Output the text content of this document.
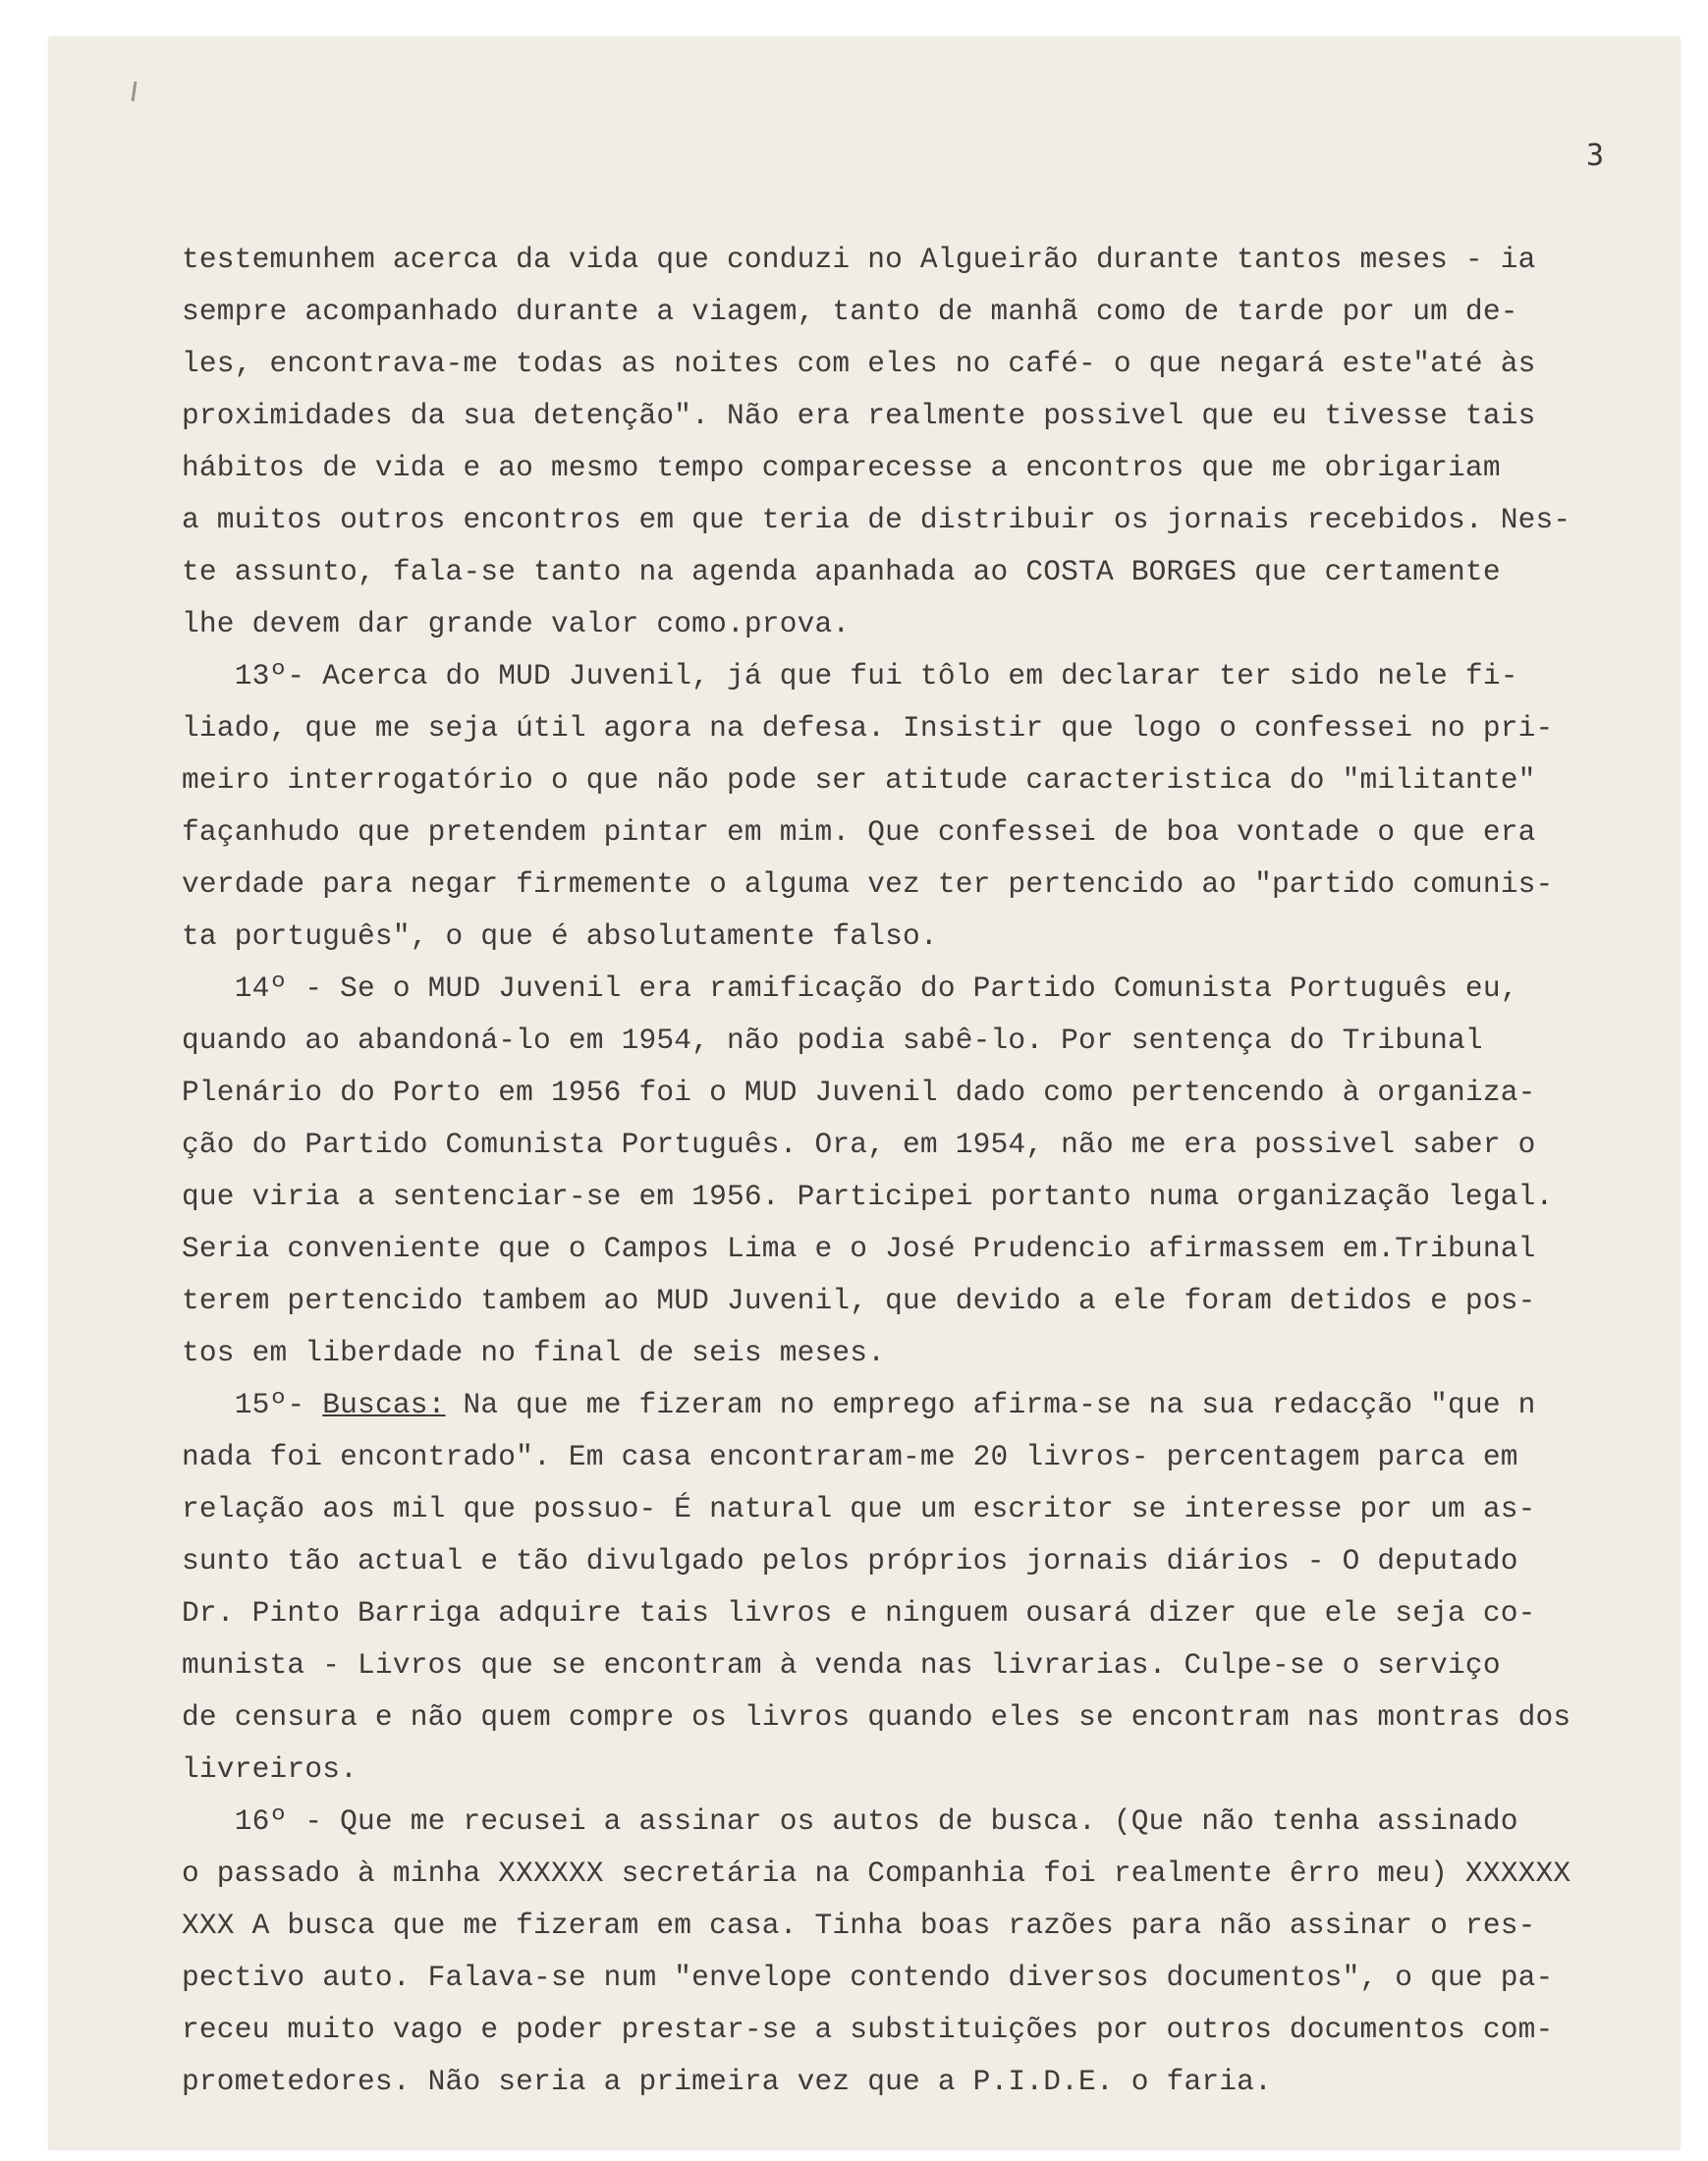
3
testemunhem acerca da vida que conduzi no Algueirão durante tantos meses - ia
sempre acompanhado durante a viagem, tanto de manhã como de tarde por um de-
les, encontrava-me todas as noites com eles no café- o que negará este"até às
proximidades da sua detenção". Não era realmente possivel que eu tivesse tais
hábitos de vida e ao mesmo tempo comparecesse a encontros que me obrigariam
a muitos outros encontros em que teria de distribuir os jornais recebidos. Nes-
te assunto, fala-se tanto na agenda apanhada ao COSTA BORGES que certamente
lhe devem dar grande valor como.prova.
13º- Acerca do MUD Juvenil, já que fui tôlo em declarar ter sido nele fi-
liado, que me seja útil agora na defesa. Insistir que logo o confessei no pri-
meiro interrogatório o que não pode ser atitude caracteristica do "militante"
façanhudo que pretendem pintar em mim. Que confessei de boa vontade o que era
verdade para negar firmemente o alguma vez ter pertencido ao "partido comunis-
ta português", o que é absolutamente falso.
14º - Se o MUD Juvenil era ramificação do Partido Comunista Português eu,
quando ao abandoná-lo em 1954, não podia sabê-lo. Por sentença do Tribunal
Plenário do Porto em 1956 foi o MUD Juvenil dado como pertencendo à organiza-
ção do Partido Comunista Português. Ora, em 1954, não me era possivel saber o
que viria a sentenciar-se em 1956. Participei portanto numa organização legal.
Seria conveniente que o Campos Lima e o José Prudencio afirmassem em.Tribunal
terem pertencido tambem ao MUD Juvenil, que devido a ele foram detidos e pos-
tos em liberdade no final de seis meses.
15º- Buscas: Na que me fizeram no emprego afirma-se na sua redacção "que n
nada foi encontrado". Em casa encontraram-me 20 livros- percentagem parca em
relação aos mil que possuo- É natural que um escritor se interesse por um as-
sunto tão actual e tão divulgado pelos próprios jornais diários - O deputado
Dr. Pinto Barriga adquire tais livros e ninguem ousará dizer que ele seja co-
munista - Livros que se encontram à venda nas livrarias. Culpe-se o serviço
de censura e não quem compre os livros quando eles se encontram nas montras dos
livreiros.
16º - Que me recusei a assinar os autos de busca. (Que não tenha assinado
o passado à minha XXXXXX secretária na Companhia foi realmente êrro meu) XXXXXX
XXX A busca que me fizeram em casa. Tinha boas razões para não assinar o res-
pectivo auto. Falava-se num "envelope contendo diversos documentos", o que pa-
receu muito vago e poder prestar-se a substituições por outros documentos com-
prometedores. Não seria a primeira vez que a P.I.D.E. o faria.
